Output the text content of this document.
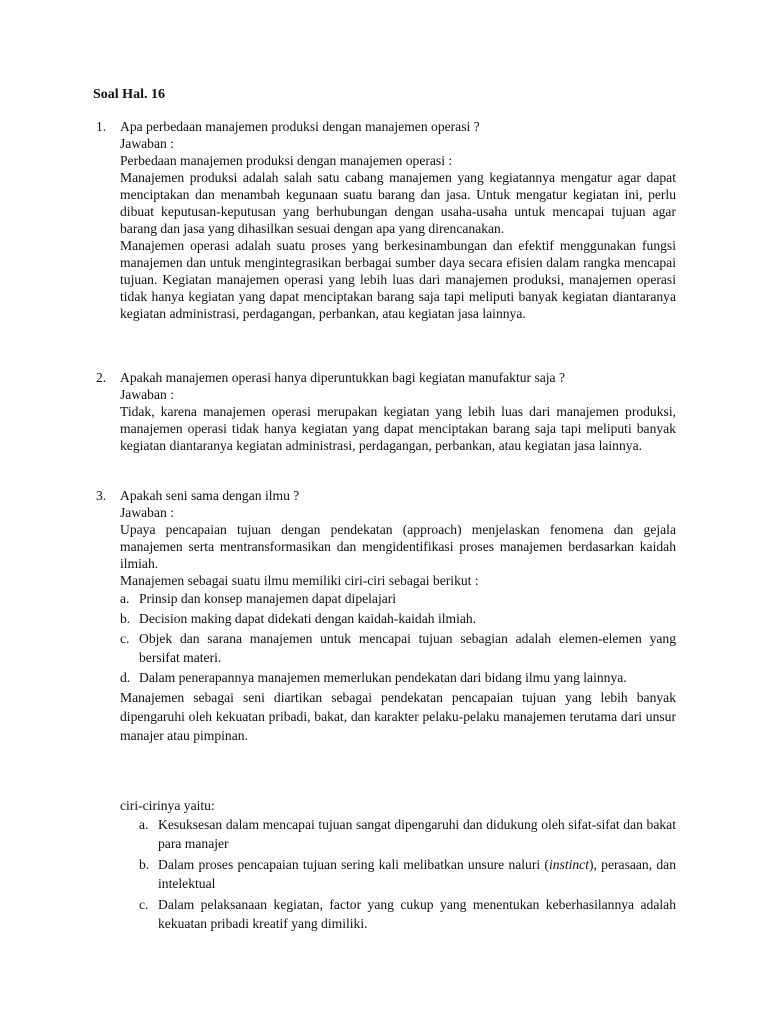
Soal Hal. 16
1. Apa perbedaan manajemen produksi dengan manajemen operasi ?
Jawaban :
Perbedaan manajemen produksi dengan manajemen operasi :
Manajemen produksi adalah salah satu cabang manajemen yang kegiatannya mengatur agar dapat menciptakan dan menambah kegunaan suatu barang dan jasa. Untuk mengatur kegiatan ini, perlu dibuat keputusan-keputusan yang berhubungan dengan usaha-usaha untuk mencapai tujuan agar barang dan jasa yang dihasilkan sesuai dengan apa yang direncanakan.
Manajemen operasi adalah suatu proses yang berkesinambungan dan efektif menggunakan fungsi manajemen dan untuk mengintegrasikan berbagai sumber daya secara efisien dalam rangka mencapai tujuan. Kegiatan manajemen operasi yang lebih luas dari manajemen produksi, manajemen operasi tidak hanya kegiatan yang dapat menciptakan barang saja tapi meliputi banyak kegiatan diantaranya kegiatan administrasi, perdagangan, perbankan, atau kegiatan jasa lainnya.
2. Apakah manajemen operasi hanya diperuntukkan bagi kegiatan manufaktur saja ?
Jawaban :
Tidak, karena manajemen operasi merupakan kegiatan yang lebih luas dari manajemen produksi, manajemen operasi tidak hanya kegiatan yang dapat menciptakan barang saja tapi meliputi banyak kegiatan diantaranya kegiatan administrasi, perdagangan, perbankan, atau kegiatan jasa lainnya.
3. Apakah seni sama dengan ilmu ?
Jawaban :
Upaya pencapaian tujuan dengan pendekatan (approach) menjelaskan fenomena dan gejala manajemen serta mentransformasikan dan mengidentifikasi proses manajemen berdasarkan kaidah ilmiah.
Manajemen sebagai suatu ilmu memiliki ciri-ciri sebagai berikut :
a. Prinsip dan konsep manajemen dapat dipelajari
b. Decision making dapat didekati dengan kaidah-kaidah ilmiah.
c. Objek dan sarana manajemen untuk mencapai tujuan sebagian adalah elemen-elemen yang bersifat materi.
d. Dalam penerapannya manajemen memerlukan pendekatan dari bidang ilmu yang lainnya.
Manajemen sebagai seni diartikan sebagai pendekatan pencapaian tujuan yang lebih banyak dipengaruhi oleh kekuatan pribadi, bakat, dan karakter pelaku-pelaku manajemen terutama dari unsur manajer atau pimpinan.
ciri-cirinya yaitu:
a. Kesuksesan dalam mencapai tujuan sangat dipengaruhi dan didukung oleh sifat-sifat dan bakat para manajer
b. Dalam proses pencapaian tujuan sering kali melibatkan unsure naluri (instinct), perasaan, dan intelektual
c. Dalam pelaksanaan kegiatan, factor yang cukup yang menentukan keberhasilannya adalah kekuatan pribadi kreatif yang dimiliki.
